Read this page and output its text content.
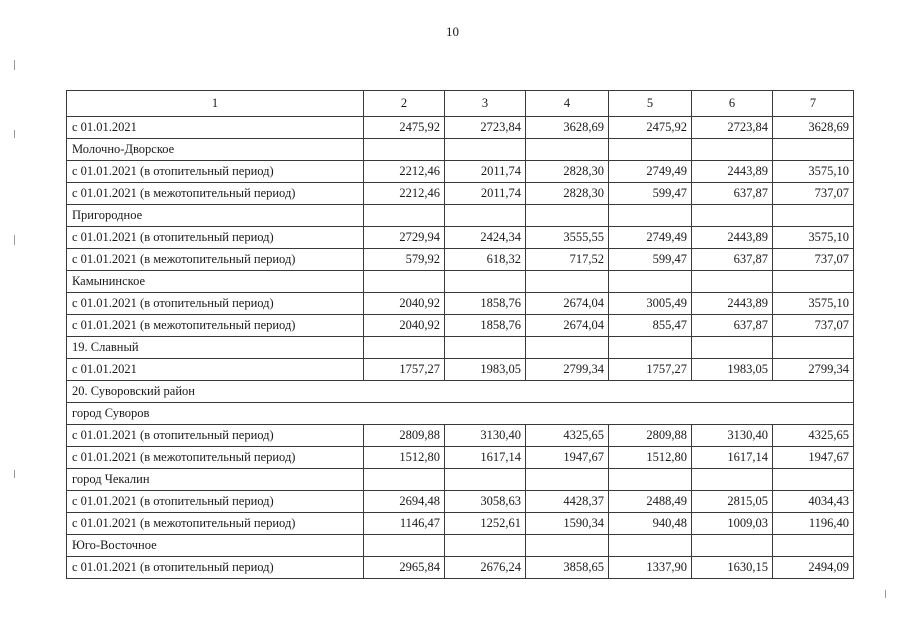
10
1	2	3	4	5	6	7
с 01.01.2021	2475,92	2723,84	3628,69	2475,92	2723,84	3628,69
Молочно-Дворское						
с 01.01.2021 (в отопительный период)	2212,46	2011,74	2828,30	2749,49	2443,89	3575,10
с 01.01.2021 (в межотопительный период)	2212,46	2011,74	2828,30	599,47	637,87	737,07
Пригородное						
с 01.01.2021 (в отопительный период)	2729,94	2424,34	3555,55	2749,49	2443,89	3575,10
с 01.01.2021 (в межотопительный период)	579,92	618,32	717,52	599,47	637,87	737,07
Камынинское						
с 01.01.2021 (в отопительный период)	2040,92	1858,76	2674,04	3005,49	2443,89	3575,10
с 01.01.2021 (в межотопительный период)	2040,92	1858,76	2674,04	855,47	637,87	737,07
19. Славный						
с 01.01.2021	1757,27	1983,05	2799,34	1757,27	1983,05	2799,34
20. Суворовский район						
город Суворов						
с 01.01.2021 (в отопительный период)	2809,88	3130,40	4325,65	2809,88	3130,40	4325,65
с 01.01.2021 (в межотопительный период)	1512,80	1617,14	1947,67	1512,80	1617,14	1947,67
город Чекалин						
с 01.01.2021 (в отопительный период)	2694,48	3058,63	4428,37	2488,49	2815,05	4034,43
с 01.01.2021 (в межотопительный период)	1146,47	1252,61	1590,34	940,48	1009,03	1196,40
Юго-Восточное						
с 01.01.2021 (в отопительный период)	2965,84	2676,24	3858,65	1337,90	1630,15	2494,09
